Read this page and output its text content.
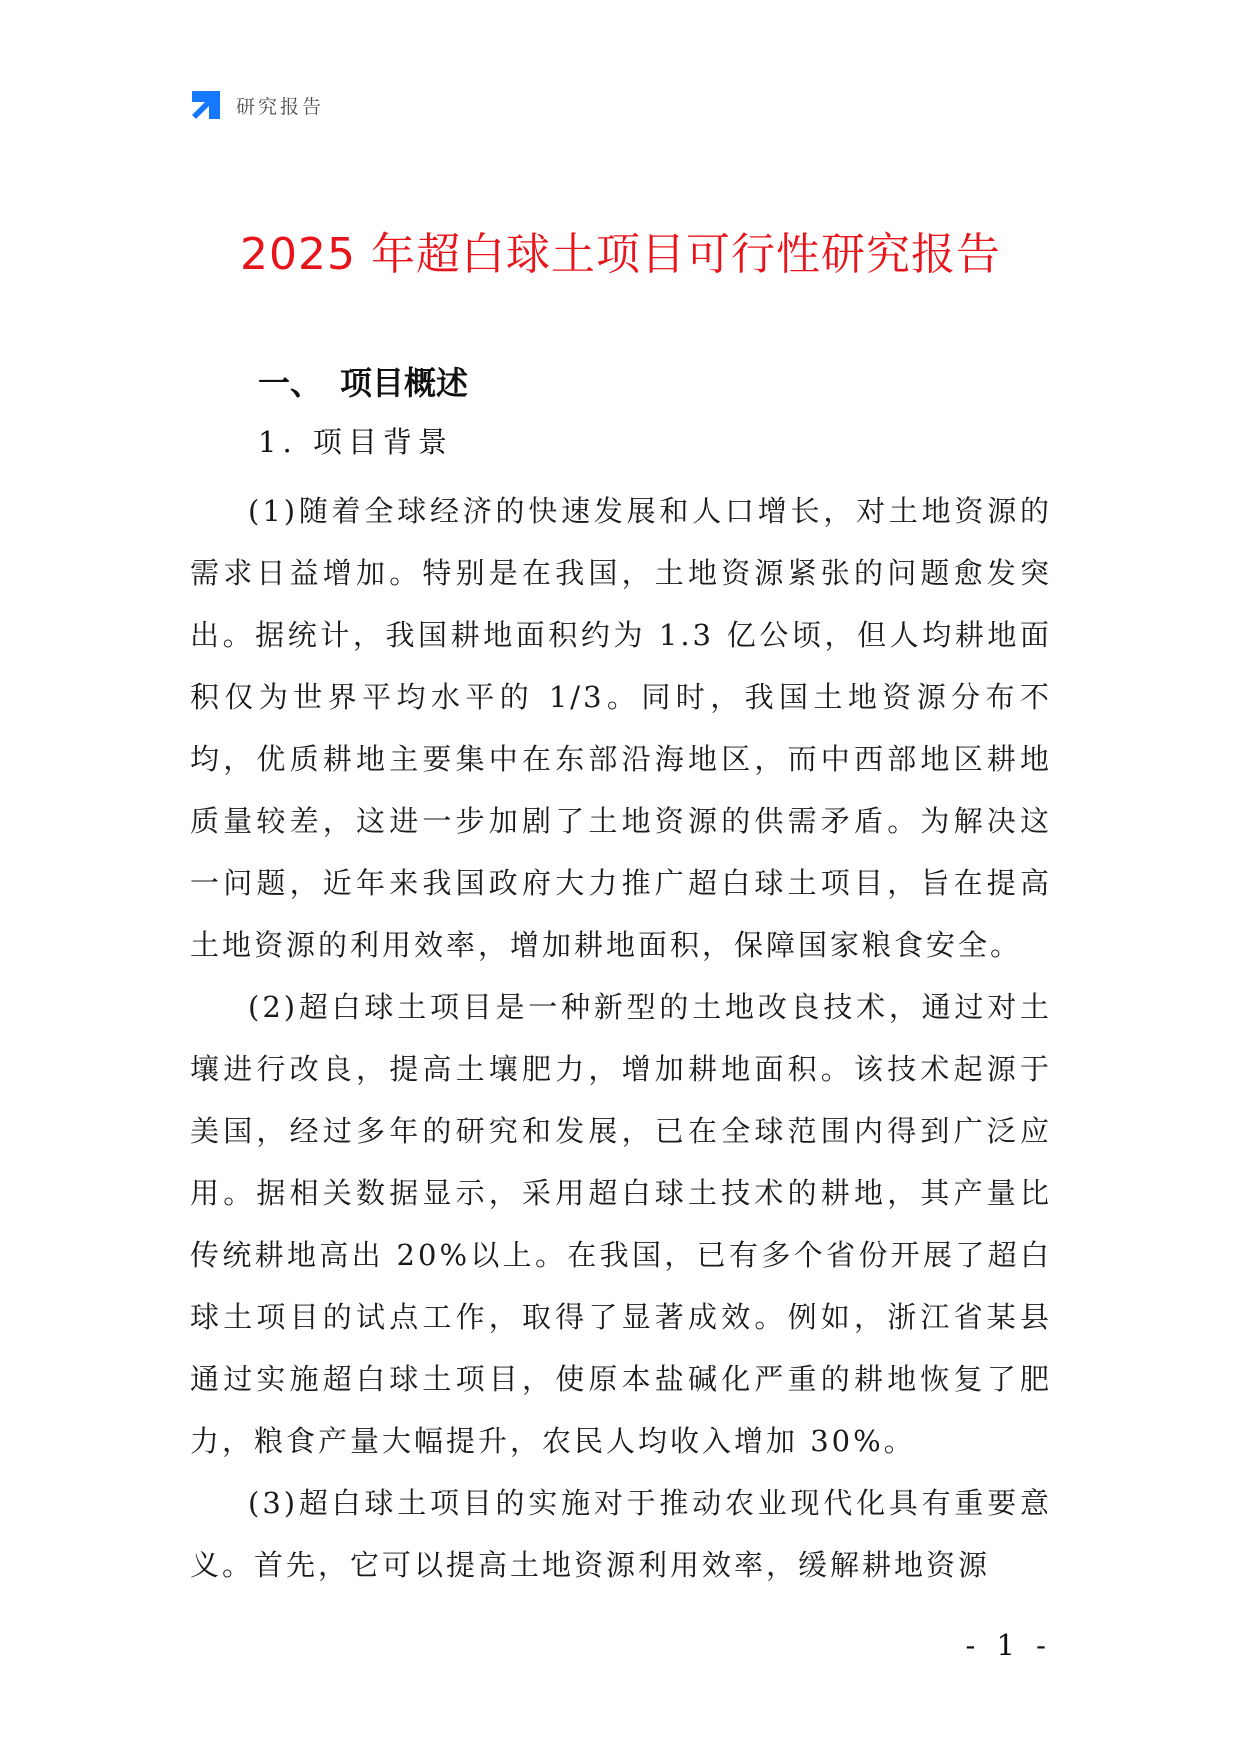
研究报告
2025 年超白球土项目可行性研究报告
一、 项目概述
1. 项目背景

(1)随着全球经济的快速发展和人口增长，对土地资源的需求日益增加。特别是在我国，土地资源紧张的问题愈发突出。据统计，我国耕地面积约为 1.3 亿公顷，但人均耕地面积仅为世界平均水平的 1/3。同时，我国土地资源分布不均，优质耕地主要集中在东部沿海地区，而中西部地区耕地质量较差，这进一步加剧了土地资源的供需矛盾。为解决这一问题，近年来我国政府大力推广超白球土项目，旨在提高土地资源的利用效率，增加耕地面积，保障国家粮食安全。

(2)超白球土项目是一种新型的土地改良技术，通过对土壤进行改良，提高土壤肥力，增加耕地面积。该技术起源于美国，经过多年的研究和发展，已在全球范围内得到广泛应用。据相关数据显示，采用超白球土技术的耕地，其产量比传统耕地高出 20%以上。在我国，已有多个省份开展了超白球土项目的试点工作，取得了显著成效。例如，浙江省某县通过实施超白球土项目，使原本盐碱化严重的耕地恢复了肥力，粮食产量大幅提升，农民人均收入增加 30%。

(3)超白球土项目的实施对于推动农业现代化具有重要意义。首先，它可以提高土地资源利用效率，缓解耕地资源

- 1 -
